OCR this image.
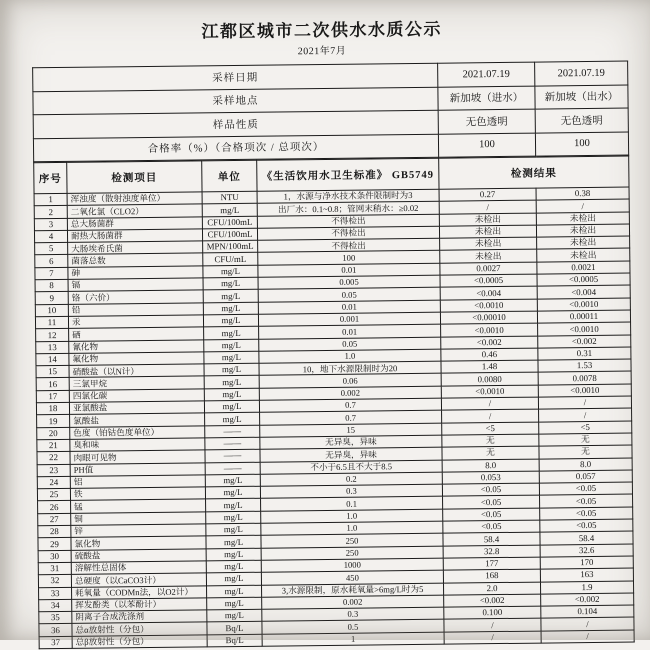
江都区城市二次供水水质公示
2021年7月
采样日期	2021.07.19	2021.07.19
采样地点	新加坡（进水）	新加坡（出水）
样品性质	无色透明	无色透明
合格率（%）（合格项次 / 总项次）	100	100
序号	检测项目	单位	《生活饮用水卫生标准》 GB5749	检测结果	
1	浑浊度（散射浊度单位）	NTU	1，水源与净水技术条件限制时为3	0.27	0.38
2	二氧化氯（CLO2）	mg/L	出厂水：0.1~0.8；管网末稍水：≥0.02	/	/
3	总大肠菌群	CFU/100mL	不得检出	未检出	未检出
4	耐热大肠菌群	CFU/100mL	不得检出	未检出	未检出
5	大肠埃希氏菌	MPN/100mL	不得检出	未检出	未检出
6	菌落总数	CFU/mL	100	未检出	未检出
7	砷	mg/L	0.01	0.0027	0.0021
8	镉	mg/L	0.005	<0.0005	<0.0005
9	铬（六价）	mg/L	0.05	<0.004	<0.004
10	铅	mg/L	0.01	<0.0010	<0.0010
11	汞	mg/L	0.001	<0.00010	0.00011
12	硒	mg/L	0.01	<0.0010	<0.0010
13	氰化物	mg/L	0.05	<0.002	<0.002
14	氟化物	mg/L	1.0	0.46	0.31
15	硝酸盐（以N计）	mg/L	10，地下水源限制时为20	1.48	1.53
16	三氯甲烷	mg/L	0.06	0.0080	0.0078
17	四氯化碳	mg/L	0.002	<0.0010	<0.0010
18	亚氯酸盐	mg/L	0.7	/	/
19	氯酸盐	mg/L	0.7	/	/
20	色度（铂钴色度单位）	——	15	<5	<5
21	臭和味	——	无异臭，异味	无	无
22	肉眼可见物	——	无异臭，异味	无	无
23	PH值	——	不小于6.5且不大于8.5	8.0	8.0
24	铝	mg/L	0.2	0.053	0.057
25	铁	mg/L	0.3	<0.05	<0.05
26	锰	mg/L	0.1	<0.05	<0.05
27	铜	mg/L	1.0	<0.05	<0.05
28	锌	mg/L	1.0	<0.05	<0.05
29	氯化物	mg/L	250	58.4	58.4
30	硫酸盐	mg/L	250	32.8	32.6
31	溶解性总固体	mg/L	1000	177	170
32	总硬度（以CaCO3计）	mg/L	450	168	163
33	耗氧量（CODMn法，以O2计）	mg/L	3,水源限制，原水耗氧量>6mg/L时为5	2.0	1.9
34	挥发酚类（以苯酚计）	mg/L	0.002	<0.002	<0.002
35	阴离子合成洗涤剂	mg/L	0.3	0.100	0.104
36	总α放射性（分包）	Bq/L	0.5	/	/
37	总β放射性（分包）	Bq/L	1	/	/
